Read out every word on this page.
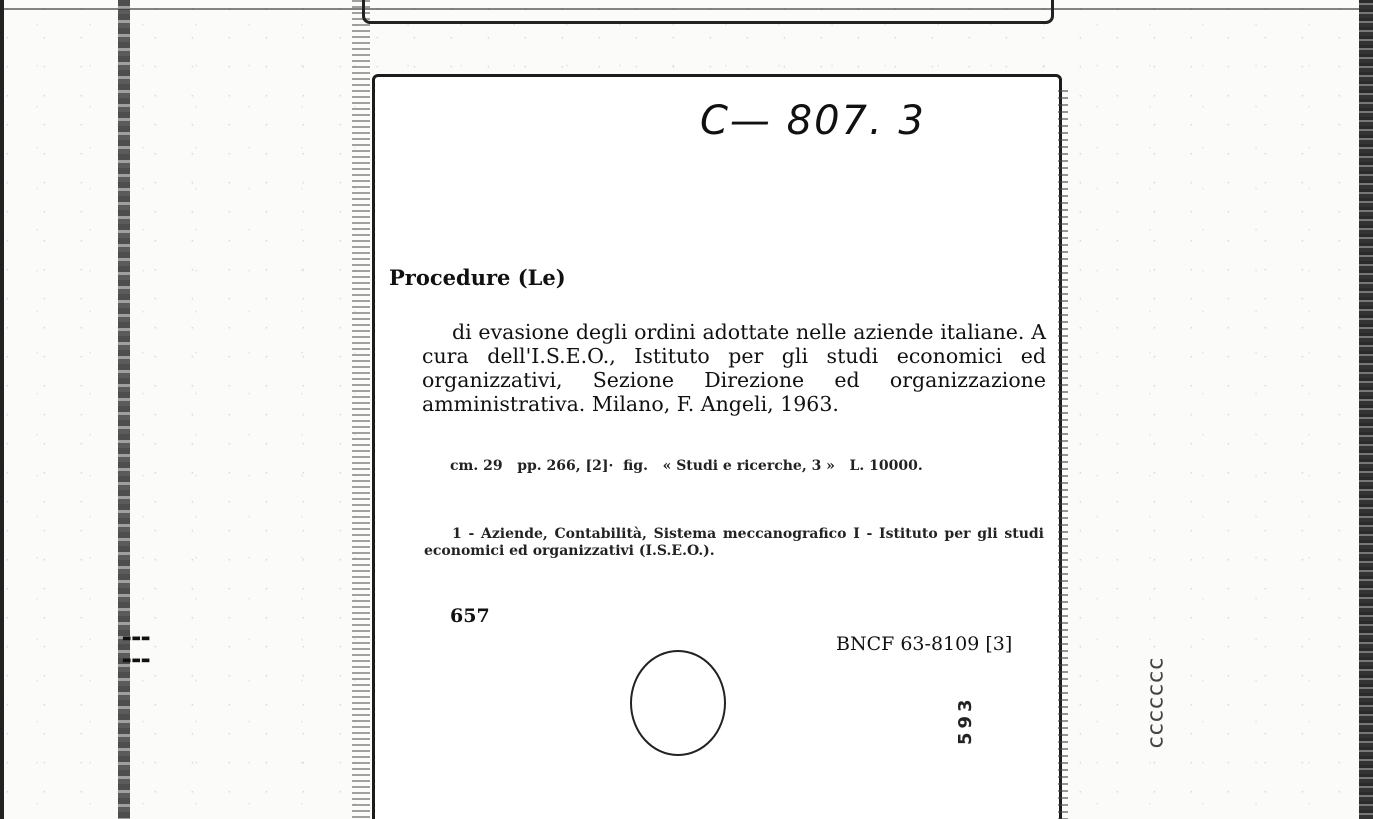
▬▬▬
▬▬▬
C— 807. 3
Procedure (Le)
di evasione degli ordini adottate nelle aziende italiane. A cura dell'I.S.E.O., Istituto per gli studi economici ed organizzativi, Sezione Direzione ed organizzazione amministrativa. Milano, F. Angeli, 1963.
cm. 29   pp. 266, [2]·  fig.   « Studi e ricerche, 3 »   L. 10000.
1 - Aziende, Contabilità, Sistema meccanografico I - Istituto per gli studi economici ed organizzativi (I.S.E.O.).
657
BNCF 63-8109 [3]
593	ccccccc
